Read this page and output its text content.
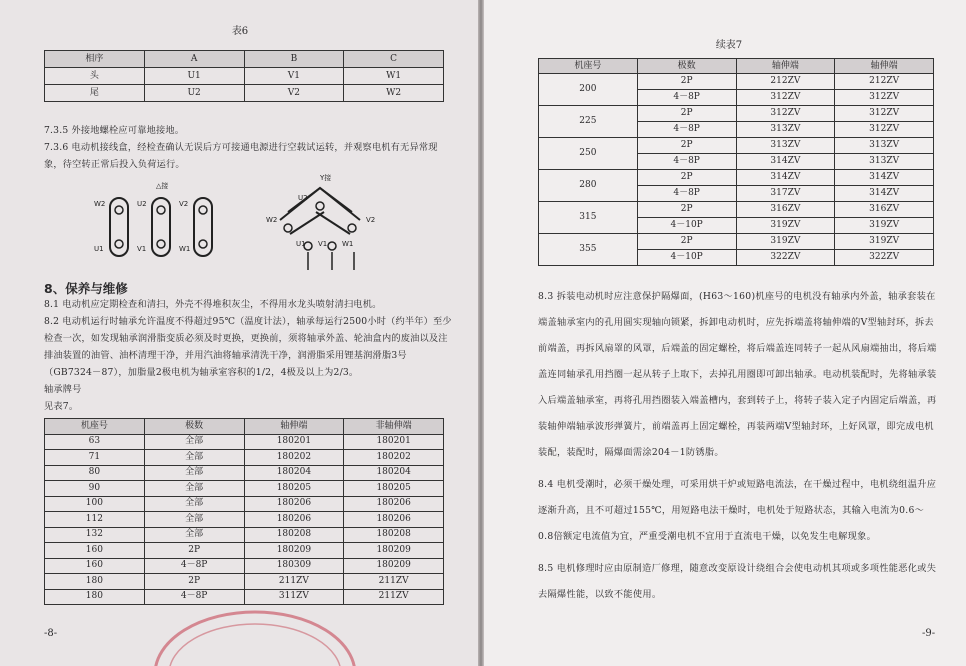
表6
相序	A	B	C
头	U1	V1	W1
尾	U2	V2	W2

7.3.5 外接地螺栓应可靠地接地。

7.3.6 电动机接线盒，经检查确认无误后方可接通电源进行空载试运转，并观察电机有无异常现象，待空转正常后投入负荷运行。

△接
W2	U2	V2
U1	V1	W1
Y接
W2
U2
V2
U1 V1 W1
8、保养与维修

8.1 电动机应定期检查和清扫，外壳不得堆积灰尘，不得用水龙头喷射清扫电机。

8.2 电动机运行时轴承允许温度不得超过95℃（温度计法），轴承每运行2500小时（约半年）至少检查一次，如发现轴承润滑脂变质必须及时更换，更换前，须将轴承外盖、轮油盒内的废油以及注排油装置的油管、油杯清理干净，并用汽油将轴承清洗干净，润滑脂采用锂基润滑脂3号（GB7324－87），加脂量2极电机为轴承室容积的1/2，4极及以上为2/3。

轴承牌号

见表7。

机座号	极数	轴伸端	非轴伸端
63	全部	180201	180201
71	全部	180202	180202
80	全部	180204	180204
90	全部	180205	180205
100	全部	180206	180206
112	全部	180206	180206
132	全部	180208	180208
160	2P	180209	180209
160	4－8P	180309	180209
180	2P	211ZV	211ZV
180	4－8P	311ZV	211ZV
-8-
续表7
机座号	极数	轴伸端	轴伸端
200	2P	212ZV	212ZV
	4－8P	312ZV	312ZV
225	2P	312ZV	312ZV
	4－8P	313ZV	312ZV
250	2P	313ZV	313ZV
	4－8P	314ZV	313ZV
280	2P	314ZV	314ZV
	4－8P	317ZV	314ZV
315	2P	316ZV	316ZV
	4－10P	319ZV	319ZV
355	2P	319ZV	319ZV
	4－10P	322ZV	322ZV

8.3 拆装电动机时应注意保护隔爆面，(H63～160)机座号的电机没有轴承内外盖，轴承套装在端盖轴承室内的孔用圆实现轴向锁紧，拆卸电动机时，应先拆端盖将轴伸端的V型轴封环，拆去前端盖，再拆风扇罩的风罩，后端盖的固定螺栓，将后端盖连同转子一起从风扇端抽出，将后端盖连同轴承孔用挡圈一起从转子上取下，去掉孔用圈即可卸出轴承。电动机装配时，先将轴承装入后端盖轴承室，再将孔用挡圈装入端盖槽内，套到转子上，将转子装入定子内固定后端盖，再装轴伸端轴承波形弹簧片，前端盖再上固定螺栓，再装两端V型轴封环，上好风罩，即完成电机装配，装配时，隔爆面需涂204－1防锈脂。

8.4 电机受潮时，必须干燥处理，可采用烘干炉或短路电流法，在干燥过程中，电机绕组温升应逐渐升高，且不可超过155℃，用短路电法干燥时，电机处于短路状态，其输入电流为0.6～0.8倍额定电流值为宜，严重受潮电机不宜用于直流电干燥，以免发生电解现象。

8.5 电机修理时应由原制造厂修理，随意改变原设计绕组合会使电动机其项或多项性能恶化或失去隔爆性能，以致不能使用。

-9-
